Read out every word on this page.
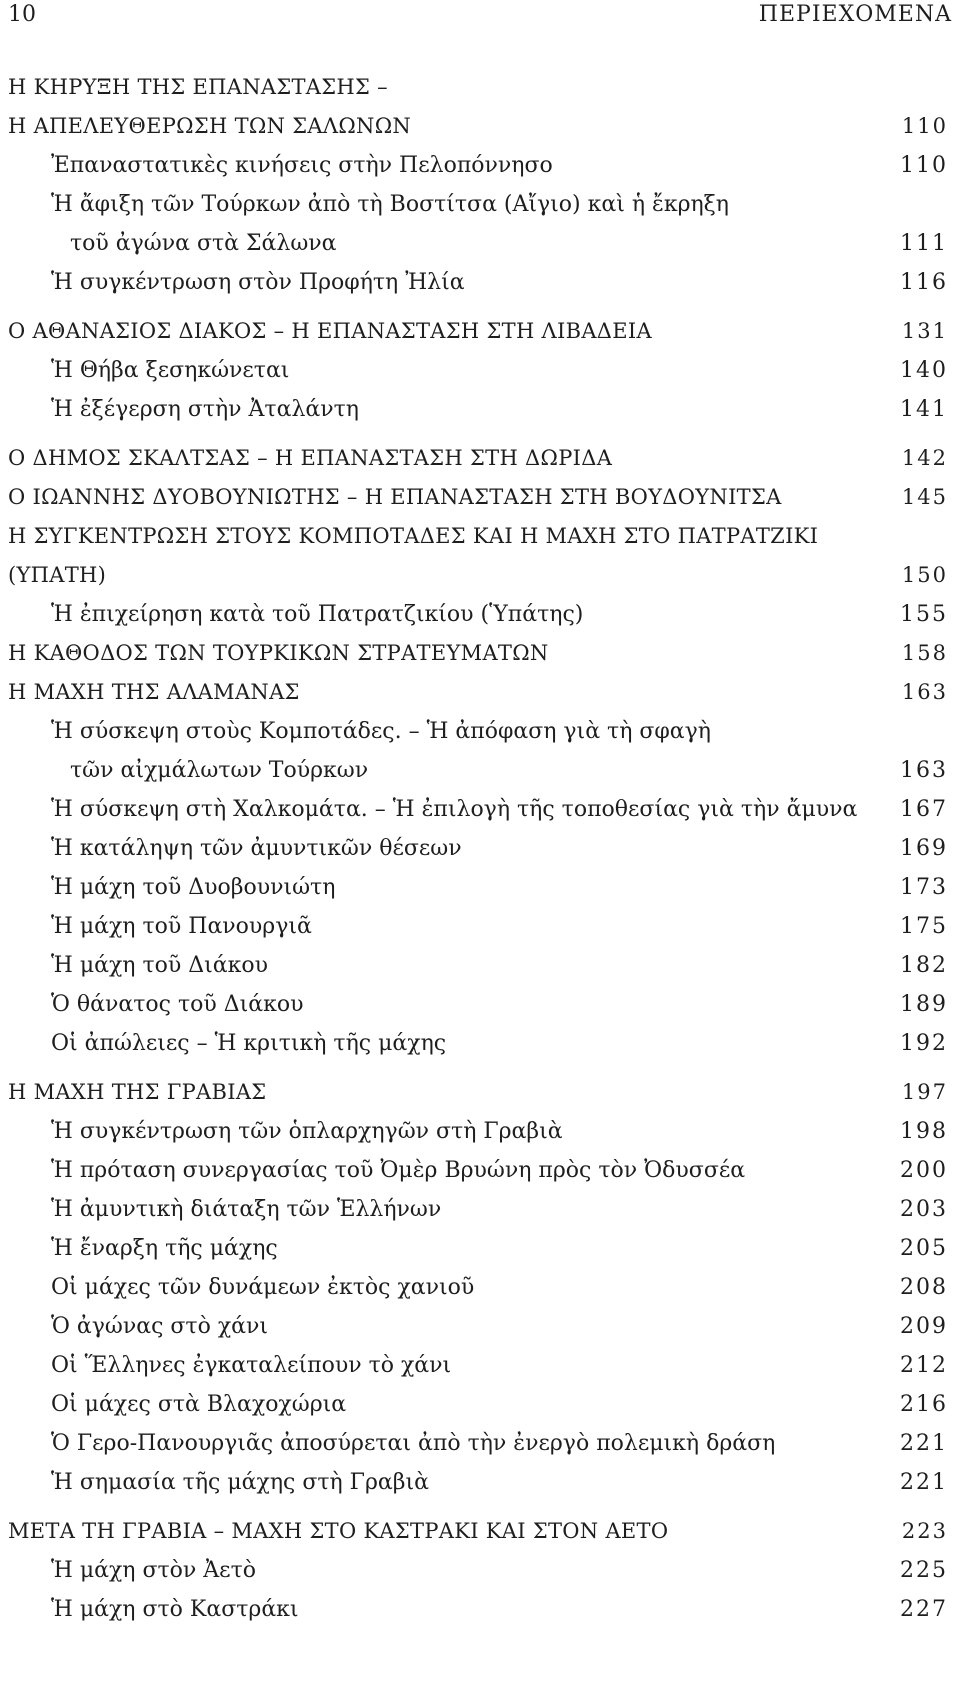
10	ΠΕΡΙΕΧΟΜΕΝΑ
Η ΚΗΡΥΞΗ ΤΗΣ ΕΠΑΝΑΣΤΑΣΗΣ –
Η ΑΠΕΛΕΥΘΕΡΩΣΗ ΤΩΝ ΣΑΛΩΝΩΝ	110
Ἐπαναστατικὲς κινήσεις στὴν Πελοπόννησο	110
Ἡ ἄφιξη τῶν Τούρκων ἀπὸ τὴ Βοστίτσα (Αἴγιο) καὶ ἡ ἔκρηξη
τοῦ ἀγώνα στὰ Σάλωνα	111
Ἡ συγκέντρωση στὸν Προφήτη Ἠλία	116
Ο ΑΘΑΝΑΣΙΟΣ ΔΙΑΚΟΣ – Η ΕΠΑΝΑΣΤΑΣΗ ΣΤΗ ΛΙΒΑΔΕΙΑ	131
Ἡ Θήβα ξεσηκώνεται	140
Ἡ ἐξέγερση στὴν Ἀταλάντη	141
Ο ΔΗΜΟΣ ΣΚΑΛΤΣΑΣ – Η ΕΠΑΝΑΣΤΑΣΗ ΣΤΗ ΔΩΡΙΔΑ	142
Ο ΙΩΑΝΝΗΣ ΔΥΟΒΟΥΝΙΩΤΗΣ – Η ΕΠΑΝΑΣΤΑΣΗ ΣΤΗ ΒΟΥΔΟΥΝΙΤΣΑ	145
Η ΣΥΓΚΕΝΤΡΩΣΗ ΣΤΟΥΣ ΚΟΜΠΟΤΑΔΕΣ ΚΑΙ Η ΜΑΧΗ ΣΤΟ ΠΑΤΡΑΤΖΙΚΙ
(ΥΠΑΤΗ)	150
Ἡ ἐπιχείρηση κατὰ τοῦ Πατρατζικίου (Ὑπάτης)	155
Η ΚΑΘΟΔΟΣ ΤΩΝ ΤΟΥΡΚΙΚΩΝ ΣΤΡΑΤΕΥΜΑΤΩΝ	158
Η ΜΑΧΗ ΤΗΣ ΑΛΑΜΑΝΑΣ	163
Ἡ σύσκεψη στοὺς Κομποτάδες. – Ἡ ἀπόφαση γιὰ τὴ σφαγὴ
τῶν αἰχμάλωτων Τούρκων	163
Ἡ σύσκεψη στὴ Χαλκομάτα. – Ἡ ἐπιλογὴ τῆς τοποθεσίας γιὰ τὴν ἄμυνα	167
Ἡ κατάληψη τῶν ἀμυντικῶν θέσεων	169
Ἡ μάχη τοῦ Δυοβουνιώτη	173
Ἡ μάχη τοῦ Πανουργιᾶ	175
Ἡ μάχη τοῦ Διάκου	182
Ὁ θάνατος τοῦ Διάκου	189
Οἱ ἀπώλειες – Ἡ κριτικὴ τῆς μάχης	192
Η ΜΑΧΗ ΤΗΣ ΓΡΑΒΙΑΣ	197
Ἡ συγκέντρωση τῶν ὁπλαρχηγῶν στὴ Γραβιὰ	198
Ἡ πρόταση συνεργασίας τοῦ Ὀμὲρ Βρυώνη πρὸς τὸν Ὀδυσσέα	200
Ἡ ἀμυντικὴ διάταξη τῶν Ἑλλήνων	203
Ἡ ἔναρξη τῆς μάχης	205
Οἱ μάχες τῶν δυνάμεων ἐκτὸς χανιοῦ	208
Ὁ ἀγώνας στὸ χάνι	209
Οἱ Ἕλληνες ἐγκαταλείπουν τὸ χάνι	212
Οἱ μάχες στὰ Βλαχοχώρια	216
Ὁ Γερο-Πανουργιᾶς ἀποσύρεται ἀπὸ τὴν ἐνεργὸ πολεμικὴ δράση	221
Ἡ σημασία τῆς μάχης στὴ Γραβιὰ	221
ΜΕΤΑ ΤΗ ΓΡΑΒΙΑ – ΜΑΧΗ ΣΤΟ ΚΑΣΤΡΑΚΙ ΚΑΙ ΣΤΟΝ ΑΕΤΟ	223
Ἡ μάχη στὸν Ἀετὸ	225
Ἡ μάχη στὸ Καστράκι	227
